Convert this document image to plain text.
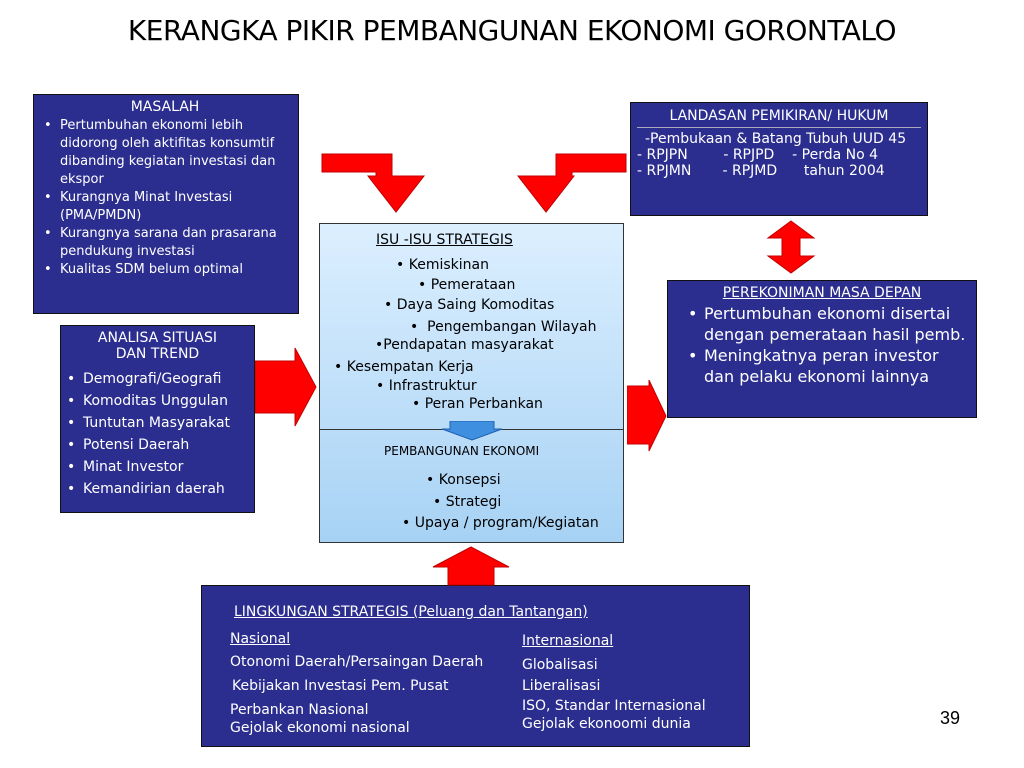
KERANGKA PIKIR PEMBANGUNAN EKONOMI GORONTALO
MASALAH
• Pertumbuhan ekonomi lebih didorong oleh aktifitas konsumtif dibanding kegiatan investasi dan ekspor
• Kurangnya Minat Investasi (PMA/PMDN)
• Kurangnya sarana dan prasarana pendukung investasi
• Kualitas SDM belum optimal
LANDASAN PEMIKIRAN/ HUKUM
-Pembukaan & Batang Tubuh UUD 45
- RPJPN        - RPJPD    - Perda No 4
- RPJMN       - RPJMD      tahun 2004
ANALISA SITUASI DAN TREND
• Demografi/Geografi
• Komoditas Unggulan
• Tuntutan Masyarakat
• Potensi Daerah
• Minat Investor
• Kemandirian daerah
PEREKONIMAN MASA DEPAN
• Pertumbuhan ekonomi disertai dengan pemerataan hasil pemb.
• Meningkatnya peran investor dan pelaku ekonomi lainnya
ISU -ISU STRATEGIS
• Kemiskinan
• Pemerataan
• Daya Saing Komoditas
•  Pengembangan Wilayah
•Pendapatan masyarakat
• Kesempatan Kerja
• Infrastruktur
• Peran Perbankan
PEMBANGUNAN EKONOMI
• Konsepsi
• Strategi
• Upaya / program/Kegiatan
LINGKUNGAN STRATEGIS (Peluang dan Tantangan)
Nasional
Otonomi Daerah/Persaingan Daerah
Kebijakan Investasi Pem. Pusat
Perbankan Nasional
Gejolak ekonomi nasional
Internasional
Globalisasi
Liberalisasi
ISO, Standar Internasional
Gejolak ekonoomi dunia	39
